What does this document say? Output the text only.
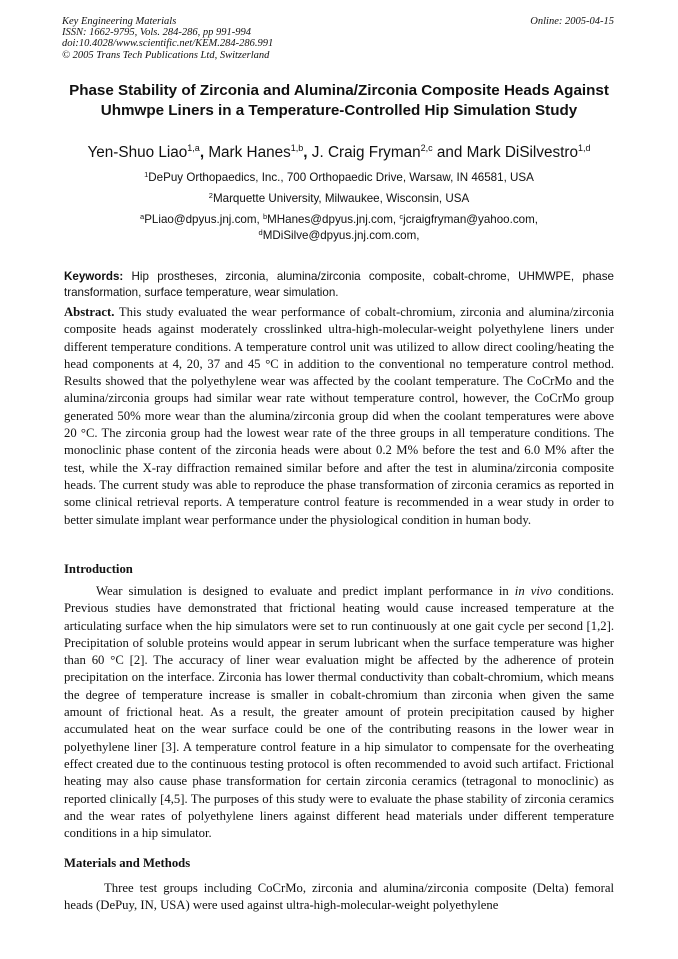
Key Engineering Materials
ISSN: 1662-9795, Vols. 284-286, pp 991-994
doi:10.4028/www.scientific.net/KEM.284-286.991
© 2005 Trans Tech Publications Ltd, Switzerland
Online: 2005-04-15
Phase Stability of Zirconia and Alumina/Zirconia Composite Heads Against Uhmwpe Liners in a Temperature-Controlled Hip Simulation Study
Yen-Shuo Liao$^{1,a}$, Mark Hanes$^{1,b}$, J. Craig Fryman$^{2,c}$ and Mark DiSilvestro$^{1,d}$
$^1$DePuy Orthopaedics, Inc., 700 Orthopaedic Drive, Warsaw, IN 46581, USA
$^2$Marquette University, Milwaukee, Wisconsin, USA
$^a$PLiao@dpyus.jnj.com, $^b$MHanes@dpyus.jnj.com, $^c$jcraigfryman@yahoo.com,
$^d$MDiSilve@dpyus.jnj.com.com,
Keywords: Hip prostheses, zirconia, alumina/zirconia composite, cobalt-chrome, UHMWPE, phase transformation, surface temperature, wear simulation.
Abstract. This study evaluated the wear performance of cobalt-chromium, zirconia and alumina/zirconia composite heads against moderately crosslinked ultra-high-molecular-weight polyethylene liners under different temperature conditions. A temperature control unit was utilized to allow direct cooling/heating the head components at 4, 20, 37 and 45 °C in addition to the conventional no temperature control method. Results showed that the polyethylene wear was affected by the coolant temperature. The CoCrMo and the alumina/zirconia groups had similar wear rate without temperature control, however, the CoCrMo group generated 50% more wear than the alumina/zirconia group did when the coolant temperatures were above 20 °C. The zirconia group had the lowest wear rate of the three groups in all temperature conditions. The monoclinic phase content of the zirconia heads were about 0.2 M% before the test and 6.0 M% after the test, while the X-ray diffraction remained similar before and after the test in alumina/zirconia composite heads. The current study was able to reproduce the phase transformation of zirconia ceramics as reported in some clinical retrieval reports. A temperature control feature is recommended in a wear study in order to better simulate implant wear performance under the physiological condition in human body.
Introduction

Wear simulation is designed to evaluate and predict implant performance in in vivo conditions. Previous studies have demonstrated that frictional heating would cause increased temperature at the articulating surface when the hip simulators were set to run continuously at one gait cycle per second [1,2]. Precipitation of soluble proteins would appear in serum lubricant when the surface temperature was higher than 60 °C [2]. The accuracy of liner wear evaluation might be affected by the adherence of protein precipitation on the interface. Zirconia has lower thermal conductivity than cobalt-chromium, which means the degree of temperature increase is smaller in cobalt-chromium than zirconia when given the same amount of frictional heat. As a result, the greater amount of protein precipitation caused by higher accumulated heat on the wear surface could be one of the contributing reasons in the lower wear in polyethylene liner [3]. A temperature control feature in a hip simulator to compensate for the overheating effect created due to the continuous testing protocol is often recommended to avoid such artifact. Frictional heating may also cause phase transformation for certain zirconia ceramics (tetragonal to monoclinic) as reported clinically [4,5]. The purposes of this study were to evaluate the phase stability of zirconia ceramics and the wear rates of polyethylene liners against different head materials under different temperature conditions in a hip simulator.

Materials and Methods

Three test groups including CoCrMo, zirconia and alumina/zirconia composite (Delta) femoral heads (DePuy, IN, USA) were used against ultra-high-molecular-weight polyethylene
